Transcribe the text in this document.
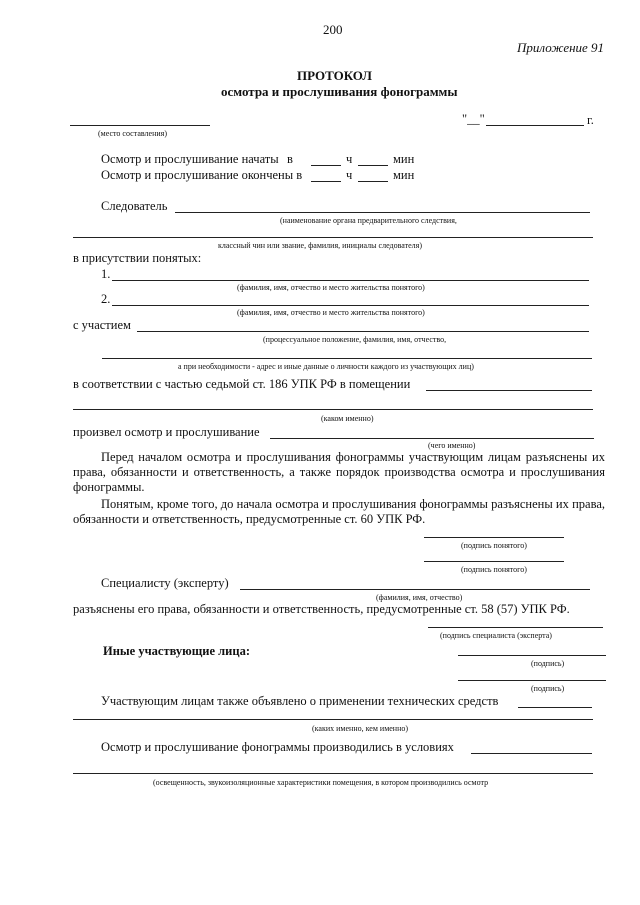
200
Приложение 91
ПРОТОКОЛ
осмотра и прослушивания фонограммы
(место составления)
"__"	г.
Осмотр и прослушивание начаты в	ч	мин
Осмотр и прослушивание окончены в	ч	мин
Следователь
(наименование органа предварительного следствия,
классный чин или звание, фамилия, инициалы следователя)
в присутствии понятых:
1.
(фамилия, имя, отчество и место жительства понятого)
2.
(фамилия, имя, отчество и место жительства понятого)
с участием
(процессуальное положение, фамилия, имя, отчество,
а при необходимости - адрес и иные данные о личности каждого из участвующих лиц)
в соответствии с частью седьмой ст. 186 УПК РФ в помещении
(каком именно)
произвел осмотр и прослушивание
(чего именно)
Перед началом осмотра и прослушивания фонограммы участвующим лицам разъяснены их права, обязанности и ответственность, а также порядок производства осмотра и прослушивания фонограммы.
Понятым, кроме того, до начала осмотра и прослушивания фонограммы разъяснены их права, обязанности и ответственность, предусмотренные ст. 60 УПК РФ.
(подпись понятого)
(подпись понятого)
Специалисту (эксперту)
(фамилия, имя, отчество)
разъяснены его права, обязанности и ответственность, предусмотренные ст. 58 (57) УПК РФ.
(подпись специалиста (эксперта)
Иные участвующие лица:
(подпись)
(подпись)
Участвующим лицам также объявлено о применении технических средств
(каких именно, кем именно)
Осмотр и прослушивание фонограммы производились в условиях
(освещенность, звукоизоляционные характеристики помещения, в котором производились осмотр
